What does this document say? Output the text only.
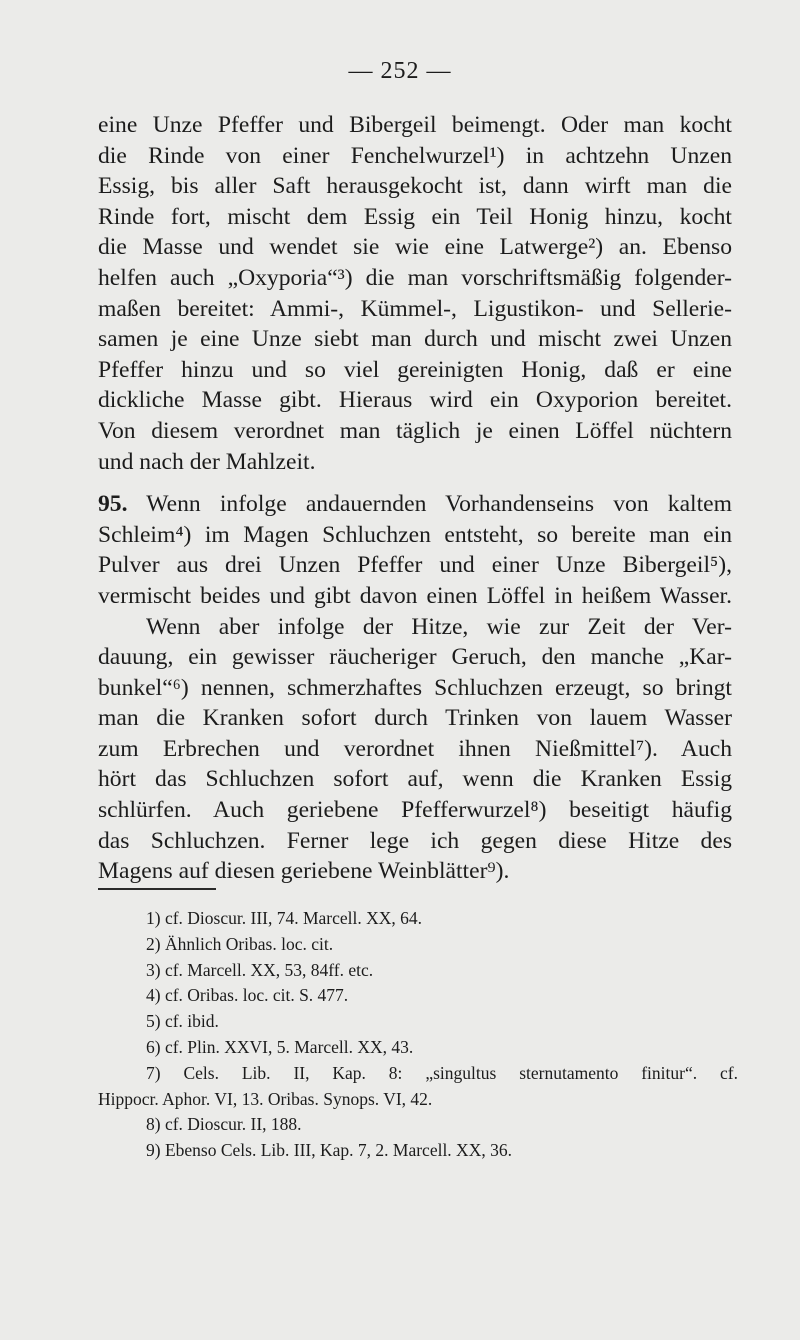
— 252 —
eine Unze Pfeffer und Bibergeil beimengt. Oder man kocht
die Rinde von einer Fenchelwurzel¹) in achtzehn Unzen
Essig, bis aller Saft herausgekocht ist, dann wirft man die
Rinde fort, mischt dem Essig ein Teil Honig hinzu, kocht
die Masse und wendet sie wie eine Latwerge²) an. Ebenso
helfen auch „Oxyporia“³) die man vorschriftsmäßig folgender-
maßen bereitet: Ammi-, Kümmel-, Ligustikon- und Sellerie-
samen je eine Unze siebt man durch und mischt zwei Unzen
Pfeffer hinzu und so viel gereinigten Honig, daß er eine
dickliche Masse gibt. Hieraus wird ein Oxyporion bereitet.
Von diesem verordnet man täglich je einen Löffel nüchtern
und nach der Mahlzeit.
95. Wenn infolge andauernden Vorhandenseins von kaltem
Schleim⁴) im Magen Schluchzen entsteht, so bereite man ein
Pulver aus drei Unzen Pfeffer und einer Unze Bibergeil⁵),
vermischt beides und gibt davon einen Löffel in heißem Wasser.
Wenn aber infolge der Hitze, wie zur Zeit der Ver-
dauung, ein gewisser räucheriger Geruch, den manche „Kar-
bunkel“⁶) nennen, schmerzhaftes Schluchzen erzeugt, so bringt
man die Kranken sofort durch Trinken von lauem Wasser
zum Erbrechen und verordnet ihnen Nießmittel⁷). Auch
hört das Schluchzen sofort auf, wenn die Kranken Essig
schlürfen. Auch geriebene Pfefferwurzel⁸) beseitigt häufig
das Schluchzen. Ferner lege ich gegen diese Hitze des
Magens auf diesen geriebene Weinblätter⁹).
1) cf. Dioscur. III, 74. Marcell. XX, 64.
2) Ähnlich Oribas. loc. cit.
3) cf. Marcell. XX, 53, 84ff. etc.
4) cf. Oribas. loc. cit. S. 477.
5) cf. ibid.
6) cf. Plin. XXVI, 5. Marcell. XX, 43.
7) Cels. Lib. II, Kap. 8: „singultus sternutamento finitur“. cf.
Hippocr. Aphor. VI, 13. Oribas. Synops. VI, 42.
8) cf. Dioscur. II, 188.
9) Ebenso Cels. Lib. III, Kap. 7, 2. Marcell. XX, 36.
